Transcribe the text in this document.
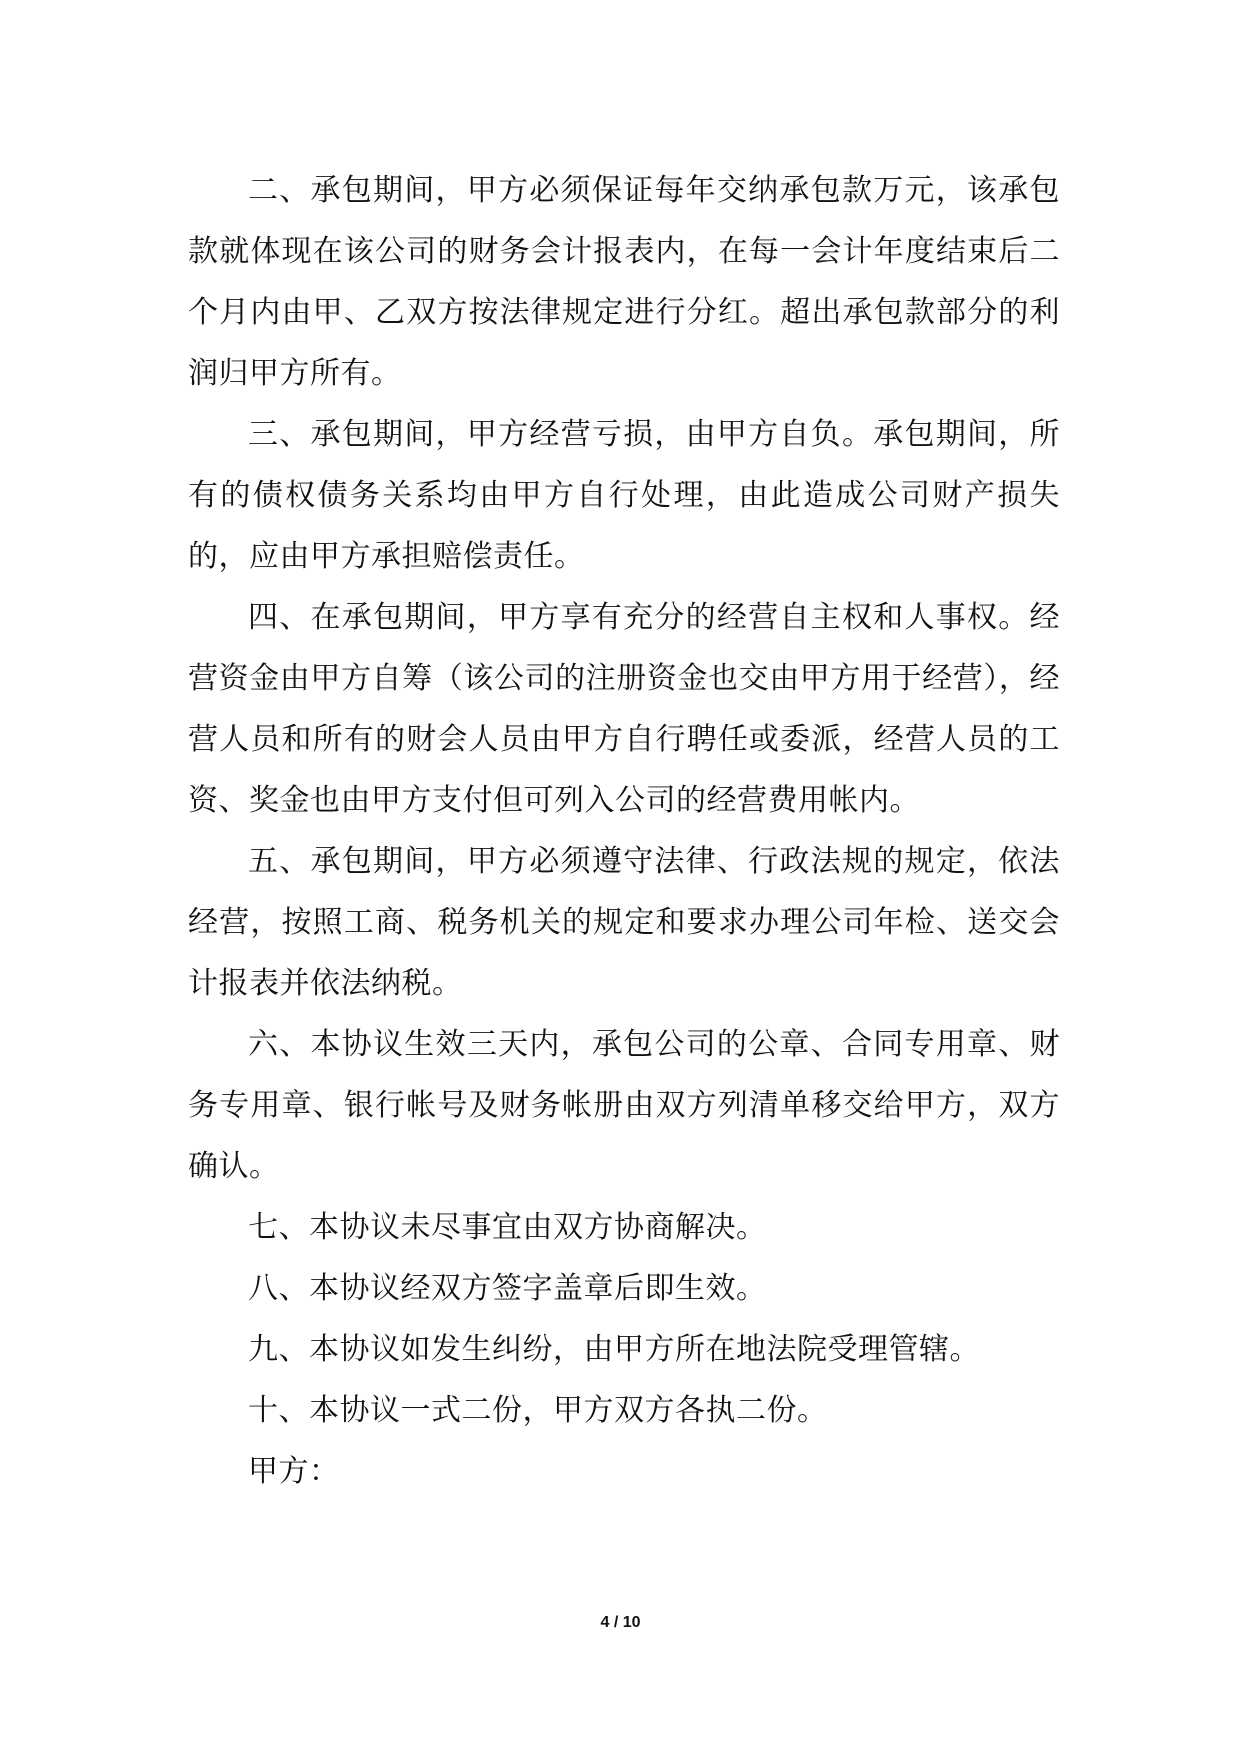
二、承包期间，甲方必须保证每年交纳承包款万元，该承包款就体现在该公司的财务会计报表内，在每一会计年度结束后二个月内由甲、乙双方按法律规定进行分红。超出承包款部分的利润归甲方所有。

三、承包期间，甲方经营亏损，由甲方自负。承包期间，所有的债权债务关系均由甲方自行处理，由此造成公司财产损失的，应由甲方承担赔偿责任。

四、在承包期间，甲方享有充分的经营自主权和人事权。经营资金由甲方自筹（该公司的注册资金也交由甲方用于经营），经营人员和所有的财会人员由甲方自行聘任或委派，经营人员的工资、奖金也由甲方支付但可列入公司的经营费用帐内。

五、承包期间，甲方必须遵守法律、行政法规的规定，依法经营，按照工商、税务机关的规定和要求办理公司年检、送交会计报表并依法纳税。

六、本协议生效三天内，承包公司的公章、合同专用章、财务专用章、银行帐号及财务帐册由双方列清单移交给甲方，双方确认。

七、本协议未尽事宜由双方协商解决。

八、本协议经双方签字盖章后即生效。

九、本协议如发生纠纷，由甲方所在地法院受理管辖。

十、本协议一式二份，甲方双方各执二份。

甲方：

4 / 10
